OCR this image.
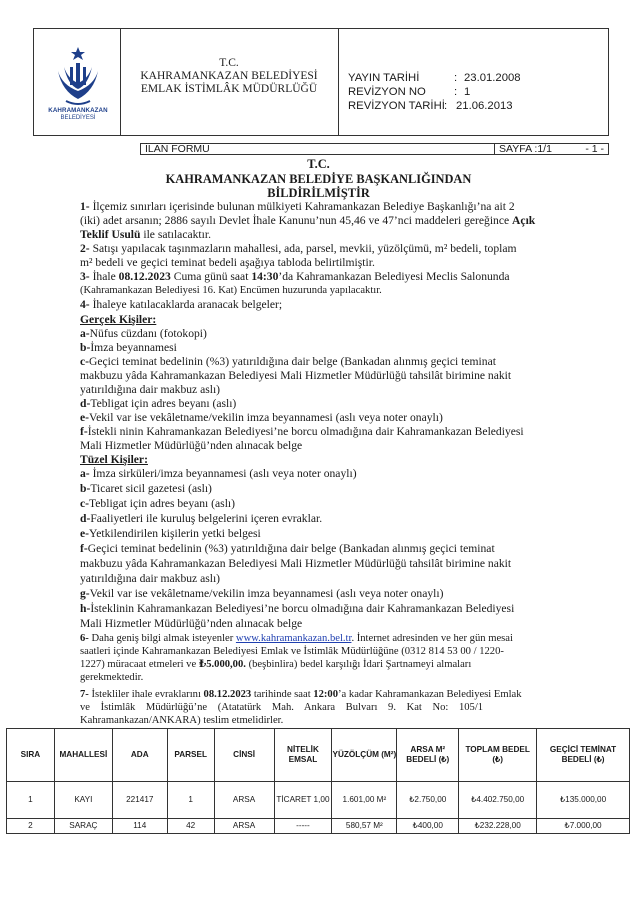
KAHRAMANKAZAN
BELEDİYESİ
T.C.
KAHRAMANKAZAN BELEDİYESİ
EMLAK İSTİMLÂK MÜDÜRLÜĞÜ
YAYIN TARİHİ	: 23.01.2008
REVİZYON NO : 1
REVİZYON TARİHİ : 21.06.2013
İLAN FORMU	SAYFA :1/1	- 1 -
T.C.
KAHRAMANKAZAN BELEDİYE BAŞKANLIĞINDAN
BİLDİRİLMİŞTİR
1- İlçemiz sınırları içerisinde bulunan mülkiyeti Kahramankazan Belediye Başkanlığı’na ait 2
(iki) adet arsanın; 2886 sayılı Devlet İhale Kanunu’nun 45,46 ve 47’nci maddeleri gereğince Açık
Teklif Usulü ile satılacaktır.
2- Satışı yapılacak taşınmazların mahallesi, ada, parsel, mevkii, yüzölçümü, m² bedeli, toplam
m² bedeli ve geçici teminat bedeli aşağıya tabloda belirtilmiştir.
3- İhale 08.12.2023 Cuma günü saat 14:30’da Kahramankazan Belediyesi Meclis Salonunda
(Kahramankazan Belediyesi 16. Kat) Encümen huzurunda yapılacaktır.
4- İhaleye katılacaklarda aranacak belgeler;
Gerçek Kişiler:
a-Nüfus cüzdanı (fotokopi)
b-İmza beyannamesi
c-Geçici teminat bedelinin (%3) yatırıldığına dair belge (Bankadan alınmış geçici teminat
makbuzu yâda Kahramankazan Belediyesi Mali Hizmetler Müdürlüğü tahsilât birimine nakit
yatırıldığına dair makbuz aslı)
d-Tebligat için adres beyanı (aslı)
e-Vekil var ise vekâletname/vekilin imza beyannamesi (aslı veya noter onaylı)
f-İstekli ninin Kahramankazan Belediyesi’ne borcu olmadığına dair Kahramankazan Belediyesi
Mali Hizmetler Müdürlüğü’nden alınacak belge
Tüzel Kişiler:
a- İmza sirküleri/imza beyannamesi (aslı veya noter onaylı)
b-Ticaret sicil gazetesi (aslı)
c-Tebligat için adres beyanı (aslı)
d-Faaliyetleri ile kuruluş belgelerini içeren evraklar.
e-Yetkilendirilen kişilerin yetki belgesi
f-Geçici teminat bedelinin (%3) yatırıldığına dair belge (Bankadan alınmış geçici teminat
makbuzu yâda Kahramankazan Belediyesi Mali Hizmetler Müdürlüğü tahsilât birimine nakit
yatırıldığına dair makbuz aslı)
g-Vekil var ise vekâletname/vekilin imza beyannamesi (aslı veya noter onaylı)
h-İsteklinin Kahramankazan Belediyesi’ne borcu olmadığına dair Kahramankazan Belediyesi
Mali Hizmetler Müdürlüğü’nden alınacak belge
6- Daha geniş bilgi almak isteyenler www.kahramankazan.bel.tr. İnternet adresinden ve her gün mesai
saatleri içinde Kahramankazan Belediyesi Emlak ve İstimlâk Müdürlüğüne (0312 814 53 00 / 1220-
1227) müracaat etmeleri ve ₺5.000,00. (beşbinlira) bedel karşılığı İdari Şartnameyi almaları
gerekmektedir.
7- İstekliler ihale evraklarını 08.12.2023 tarihinde saat 12:00’a kadar Kahramankazan Belediyesi Emlak
ve    İstimlâk    Müdürlüğü’ne    (Atatatürk    Mah.    Ankara    Bulvarı    9.    Kat    No:    105/1
Kahramankazan/ANKARA) teslim etmelidirler.
SIRA	MAHALLESİ	ADA	PARSEL	CİNSİ	NİTELİK EMSAL	YÜZÖLÇÜM (M²)	ARSA M² BEDELİ (₺)	TOPLAM BEDEL (₺)	GEÇİCİ TEMİNAT BEDELİ (₺)
1	KAYI	221417	1	ARSA	TİCARET 1,00	1.601,00 M²	₺2.750,00	₺4.402.750,00	₺135.000,00
2	SARAÇ	114	42	ARSA	-----	580,57 M²	₺400,00	₺232.228,00	₺7.000,00
